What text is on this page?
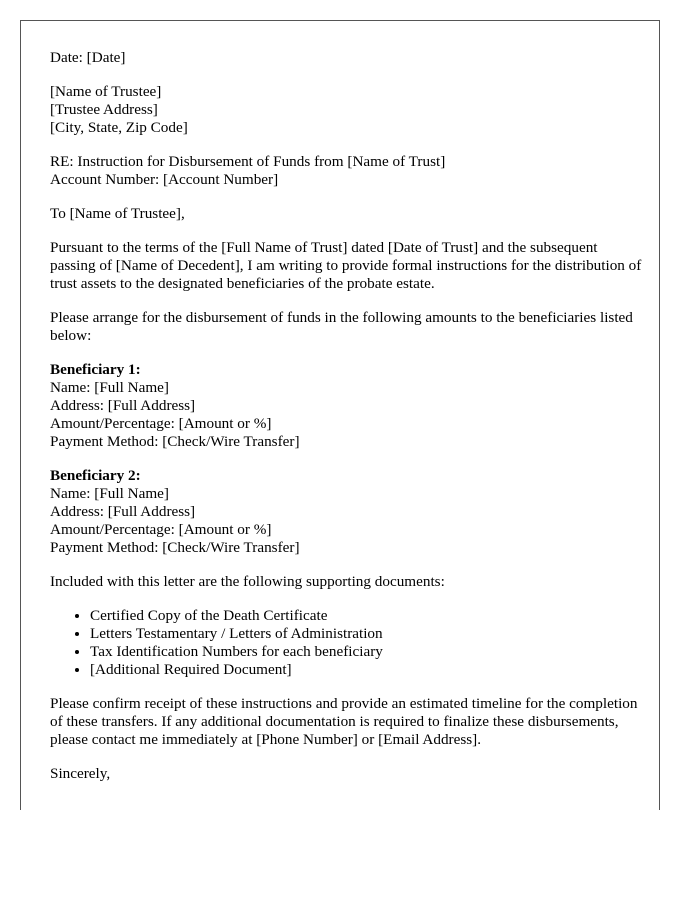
Date: [Date]

[Name of Trustee]
[Trustee Address]
[City, State, Zip Code]

RE: Instruction for Disbursement of Funds from [Name of Trust]
Account Number: [Account Number]

To [Name of Trustee],

Pursuant to the terms of the [Full Name of Trust] dated [Date of Trust] and the subsequent passing of [Name of Decedent], I am writing to provide formal instructions for the distribution of trust assets to the designated beneficiaries of the probate estate.

Please arrange for the disbursement of funds in the following amounts to the beneficiaries listed below:

Beneficiary 1:
Name: [Full Name]
Address: [Full Address]
Amount/Percentage: [Amount or %]
Payment Method: [Check/Wire Transfer]

Beneficiary 2:
Name: [Full Name]
Address: [Full Address]
Amount/Percentage: [Amount or %]
Payment Method: [Check/Wire Transfer]

Included with this letter are the following supporting documents:

• Certified Copy of the Death Certificate
• Letters Testamentary / Letters of Administration
• Tax Identification Numbers for each beneficiary
• [Additional Required Document]

Please confirm receipt of these instructions and provide an estimated timeline for the completion of these transfers. If any additional documentation is required to finalize these disbursements, please contact me immediately at [Phone Number] or [Email Address].

Sincerely,
